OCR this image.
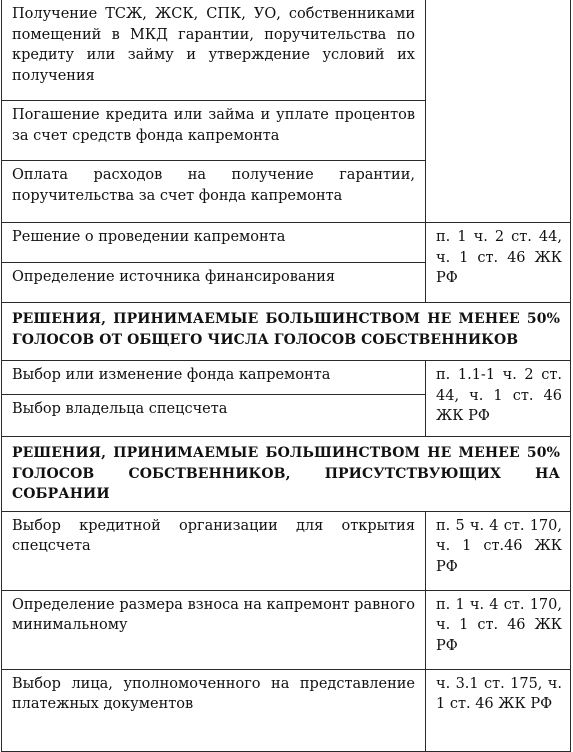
Получение ТСЖ, ЖСК, СПК, УО, собственниками помещений в МКД гарантии, поручительства по кредиту или займу и утверждение условий их получения	

Погашение кредита или займа и уплате процентов за счет средств фонда капремонта	

Оплата расходов на получение гарантии, поручительства за счет фонда капремонта	

Решение о проведении капремонта	п. 1 ч. 2 ст. 44, ч. 1 ст. 46 ЖК РФ

Определение источника финансирования	

РЕШЕНИЯ, ПРИНИМАЕМЫЕ БОЛЬШИНСТВОМ НЕ МЕНЕЕ 50% ГОЛОСОВ ОТ ОБЩЕГО ЧИСЛА ГОЛОСОВ СОБСТВЕННИКОВ	

Выбор или изменение фонда капремонта	п. 1.1-1 ч. 2 ст. 44, ч. 1 ст. 46 ЖК РФ

Выбор владельца спецсчета	

РЕШЕНИЯ, ПРИНИМАЕМЫЕ БОЛЬШИНСТВОМ НЕ МЕНЕЕ 50% ГОЛОСОВ СОБСТВЕННИКОВ, ПРИСУТСТВУЮЩИХ НА СОБРАНИИ	

Выбор кредитной организации для открытия спецсчета	п. 5 ч. 4 ст. 170, ч. 1 ст.46 ЖК РФ

Определение размера взноса на капремонт равного минимальному	п. 1 ч. 4 ст. 170, ч. 1 ст. 46 ЖК РФ

Выбор лица, уполномоченного на представление платежных документов	ч. 3.1 ст. 175, ч. 1 ст. 46 ЖК РФ
